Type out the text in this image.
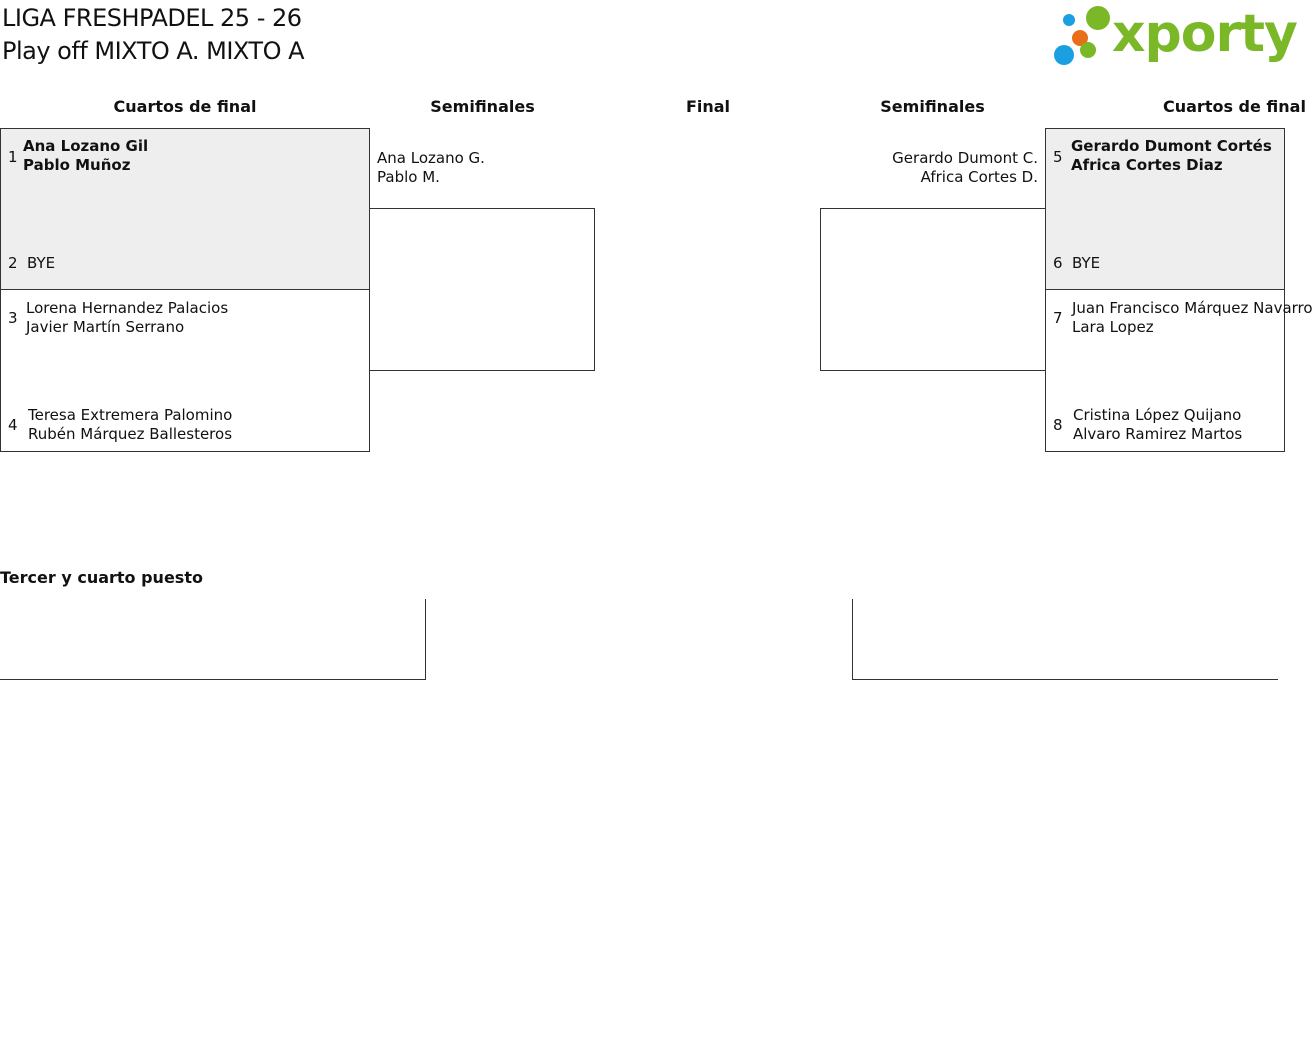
LIGA FRESHPADEL 25 - 26
Play off MIXTO A. MIXTO A	xporty
Cuartos de final	Semifinales	Final	Semifinales	Cuartos de final
1
Ana Lozano Gil
Pablo Muñoz
2 BYE
3
Lorena Hernandez Palacios
Javier Martín Serrano
4
Teresa Extremera Palomino
Rubén Márquez Ballesteros
Ana Lozano G.
Pablo M.
Gerardo Dumont C.
Africa Cortes D.
5
Gerardo Dumont Cortés
Africa Cortes Diaz
6 BYE
7
Juan Francisco Márquez Navarro
Lara Lopez
8
Cristina López Quijano
Alvaro Ramirez Martos
Tercer y cuarto puesto
